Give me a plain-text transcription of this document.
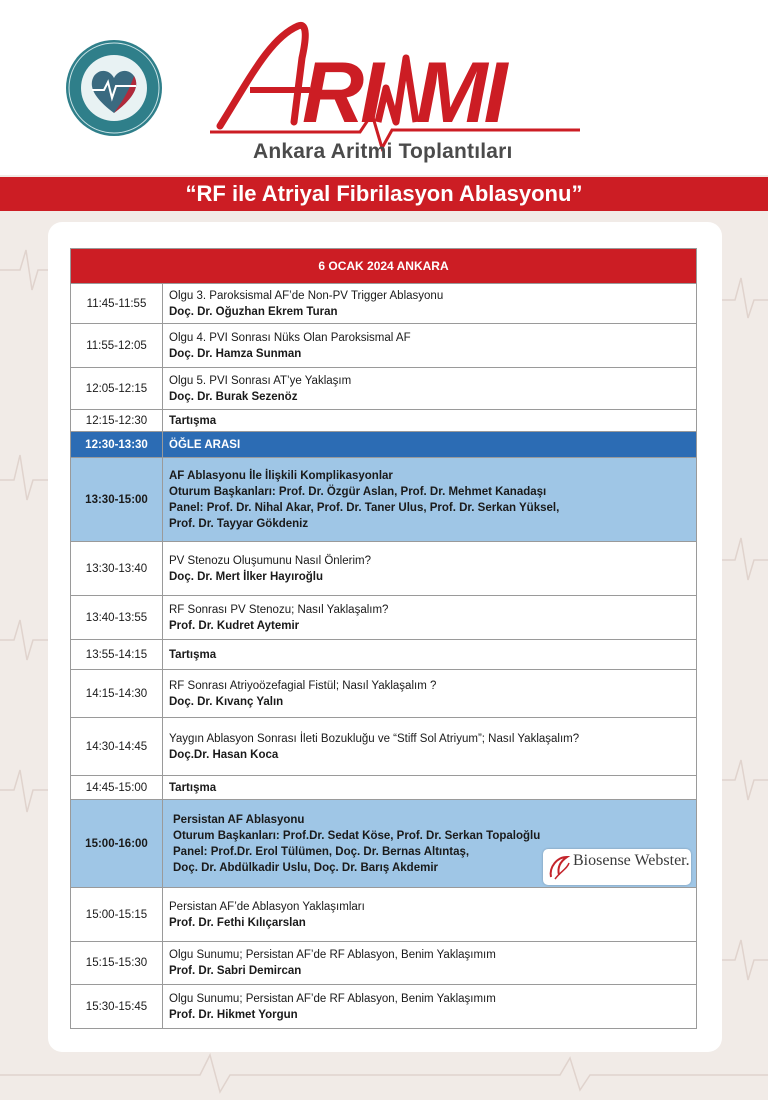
RI MI
Ankara Aritmi Toplantıları
“RF ile Atriyal Fibrilasyon Ablasyonu”
6 OCAK 2024 ANKARA	
11:45-11:55	Olgu 3. Paroksismal AF’de Non-PV Trigger Ablasyonu
Doç. Dr. Oğuzhan Ekrem Turan

11:55-12:05	Olgu 4. PVI Sonrası Nüks Olan Paroksismal AF
Doç. Dr. Hamza Sunman

12:05-12:15	Olgu 5. PVI Sonrası AT’ye Yaklaşım
Doç. Dr. Burak Sezenöz

12:15-12:30	Tartışma
12:30-13:30	ÖĞLE ARASI
13:30-15:00	AF Ablasyonu İle İlişkili Komplikasyonlar
Oturum Başkanları: Prof. Dr. Özgür Aslan, Prof. Dr. Mehmet Kanadaşı
Panel: Prof. Dr. Nihal Akar, Prof. Dr. Taner Ulus, Prof. Dr. Serkan Yüksel,
Prof. Dr. Tayyar Gökdeniz

13:30-13:40	PV Stenozu Oluşumunu Nasıl Önlerim?
Doç. Dr. Mert İlker Hayıroğlu

13:40-13:55	RF Sonrası PV Stenozu; Nasıl Yaklaşalım?
Prof. Dr. Kudret Aytemir

13:55-14:15	Tartışma
14:15-14:30	RF Sonrası Atriyoözefagial Fistül; Nasıl Yaklaşalım ?
Doç. Dr. Kıvanç Yalın

14:30-14:45	Yaygın Ablasyon Sonrası İleti Bozukluğu ve “Stiff Sol Atriyum”; Nasıl Yaklaşalım?
Doç.Dr. Hasan Koca

14:45-15:00	Tartışma
15:00-16:00	Persistan AF Ablasyonu
Oturum Başkanları: Prof.Dr. Sedat Köse, Prof. Dr. Serkan Topaloğlu
Panel: Prof.Dr. Erol Tülümen, Doç. Dr. Bernas Altıntaş,
Doç. Dr. Abdülkadir Uslu, Doç. Dr. Barış Akdemir

15:00-15:15	Persistan AF’de Ablasyon Yaklaşımları
Prof. Dr. Fethi Kılıçarslan

15:15-15:30	Olgu Sunumu; Persistan AF’de RF Ablasyon, Benim Yaklaşımım
Prof. Dr. Sabri Demircan

15:30-15:45	Olgu Sunumu; Persistan AF’de RF Ablasyon, Benim Yaklaşımım
Prof. Dr. Hikmet Yorgun
Biosense Webster.
